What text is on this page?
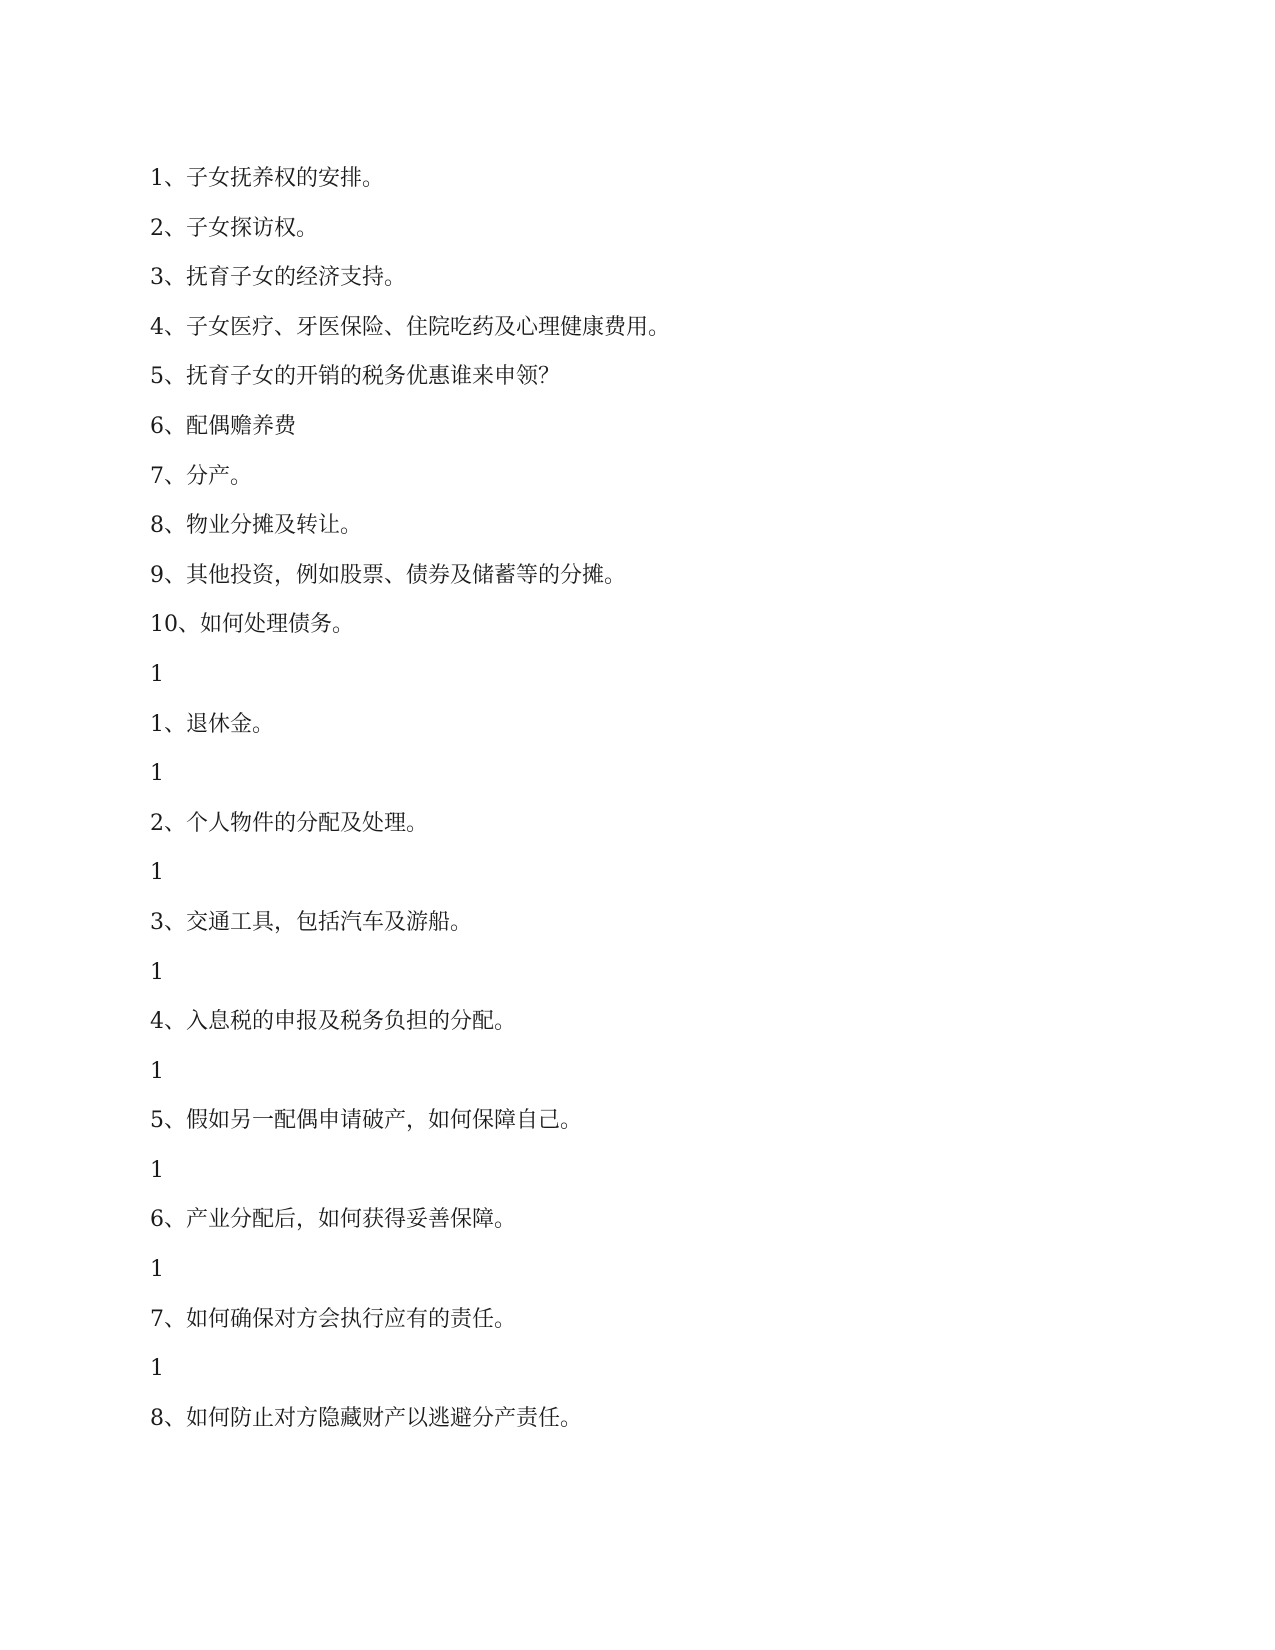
1、子女抚养权的安排。
2、子女探访权。
3、抚育子女的经济支持。
4、子女医疗、牙医保险、住院吃药及心理健康费用。
5、抚育子女的开销的税务优惠谁来申领？
6、配偶赡养费
7、分产。
8、物业分摊及转让。
9、其他投资，例如股票、债券及储蓄等的分摊。
10、如何处理债务。
1
1、退休金。
1
2、个人物件的分配及处理。
1
3、交通工具，包括汽车及游船。
1
4、入息税的申报及税务负担的分配。
1
5、假如另一配偶申请破产，如何保障自己。
1
6、产业分配后，如何获得妥善保障。
1
7、如何确保对方会执行应有的责任。
1
8、如何防止对方隐藏财产以逃避分产责任。
